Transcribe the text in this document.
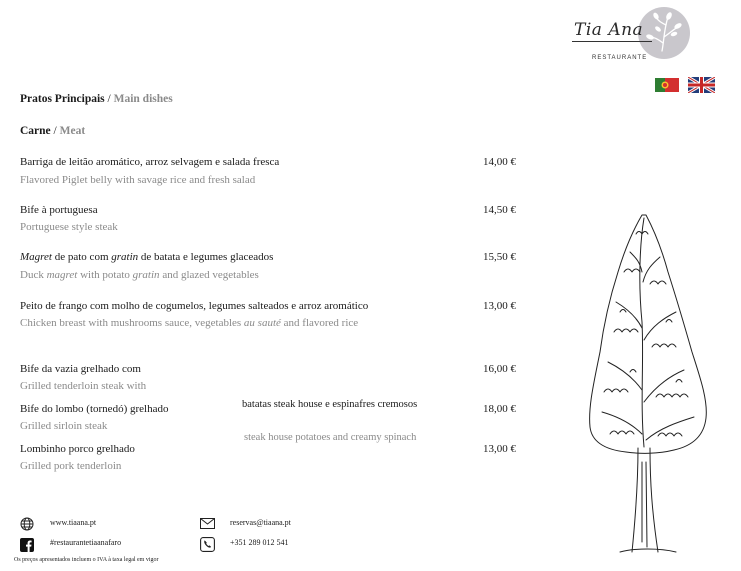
Tia Ana
RESTAURANTE
Pratos Principais / Main dishes
Carne / Meat
Barriga de leitão aromático, arroz selvagem e salada fresca
Flavored Piglet belly with savage rice and fresh salad
14,00 €
Bife à portuguesa
Portuguese style steak
14,50 €
Magret de pato com gratin de batata e legumes glaceados
Duck magret with potato gratin and glazed vegetables
15,50 €
Peito de frango com molho de cogumelos, legumes salteados e arroz aromático
Chicken breast with mushrooms sauce, vegetables au sauté and flavored rice
13,00 €
Bife da vazia grelhado com
Grilled tenderloin steak with
16,00 €
Bife do lombo (tornedó) grelhado
Grilled sirloin steak
18,00 €
Lombinho porco grelhado
Grilled pork tenderloin
13,00 €
batatas steak house e espinafres cremosos
steak house potatoes and creamy spinach
www.tiaana.pt
#restaurantetiaanafaro
reservas@tiaana.pt
+351 289 012 541
Os preços apresentados incluem o IVA à taxa legal em vigor
